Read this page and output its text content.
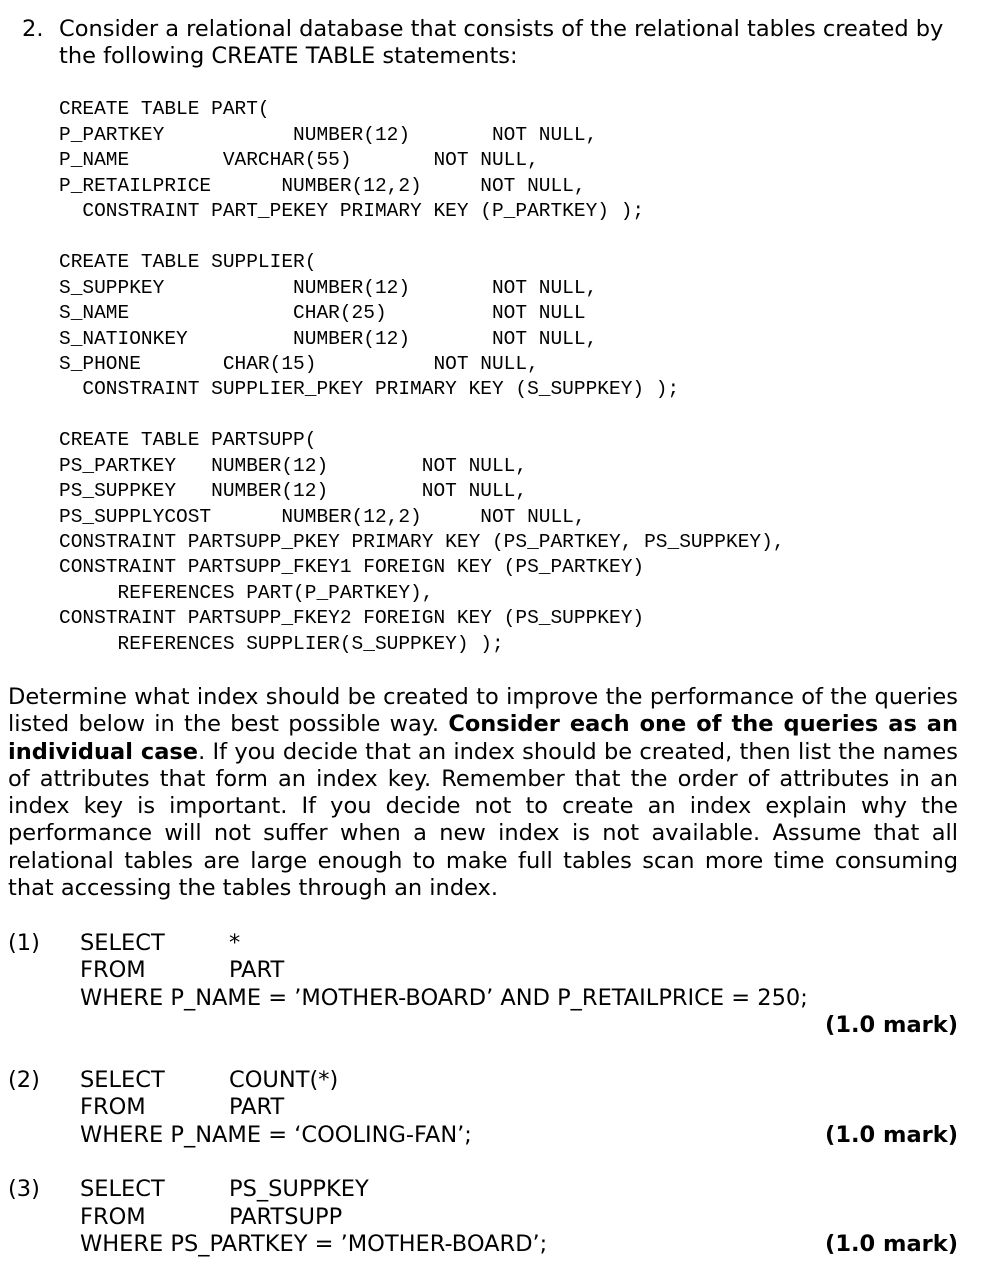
2. Consider a relational database that consists of the relational tables created by
the following CREATE TABLE statements:
CREATE TABLE PART(
P_PARTKEY           NUMBER(12)       NOT NULL,
P_NAME        VARCHAR(55)       NOT NULL,
P_RETAILPRICE      NUMBER(12,2)     NOT NULL,
CONSTRAINT PART_PEKEY PRIMARY KEY (P_PARTKEY) );
CREATE TABLE SUPPLIER(
S_SUPPKEY           NUMBER(12)       NOT NULL,
S_NAME              CHAR(25)         NOT NULL
S_NATIONKEY         NUMBER(12)       NOT NULL,
S_PHONE       CHAR(15)          NOT NULL,
CONSTRAINT SUPPLIER_PKEY PRIMARY KEY (S_SUPPKEY) );
CREATE TABLE PARTSUPP(
PS_PARTKEY   NUMBER(12)        NOT NULL,
PS_SUPPKEY   NUMBER(12)        NOT NULL,
PS_SUPPLYCOST      NUMBER(12,2)     NOT NULL,
CONSTRAINT PARTSUPP_PKEY PRIMARY KEY (PS_PARTKEY, PS_SUPPKEY),
CONSTRAINT PARTSUPP_FKEY1 FOREIGN KEY (PS_PARTKEY)
REFERENCES PART(P_PARTKEY),
CONSTRAINT PARTSUPP_FKEY2 FOREIGN KEY (PS_SUPPKEY)
REFERENCES SUPPLIER(S_SUPPKEY) );
Determine what index should be created to improve the performance of the queries listed below in the best possible way. Consider each one of the queries as an individual case. If you decide that an index should be created, then list the names of attributes that form an index key. Remember that the order of attributes in an index key is important. If you decide not to create an index explain why the performance will not suffer when a new index is not available. Assume that all relational tables are large enough to make full tables scan more time consuming that accessing the tables through an index.
(1) SELECT	*
FROM	PART
WHERE P_NAME = ’MOTHER-BOARD’ AND P_RETAILPRICE = 250;
(1.0 mark)
(2) SELECT	COUNT(*)
FROM	PART
WHERE P_NAME = ‘COOLING-FAN’;	(1.0 mark)
(3) SELECT	PS_SUPPKEY
FROM	PARTSUPP
WHERE PS_PARTKEY = ’MOTHER-BOARD’;	(1.0 mark)
